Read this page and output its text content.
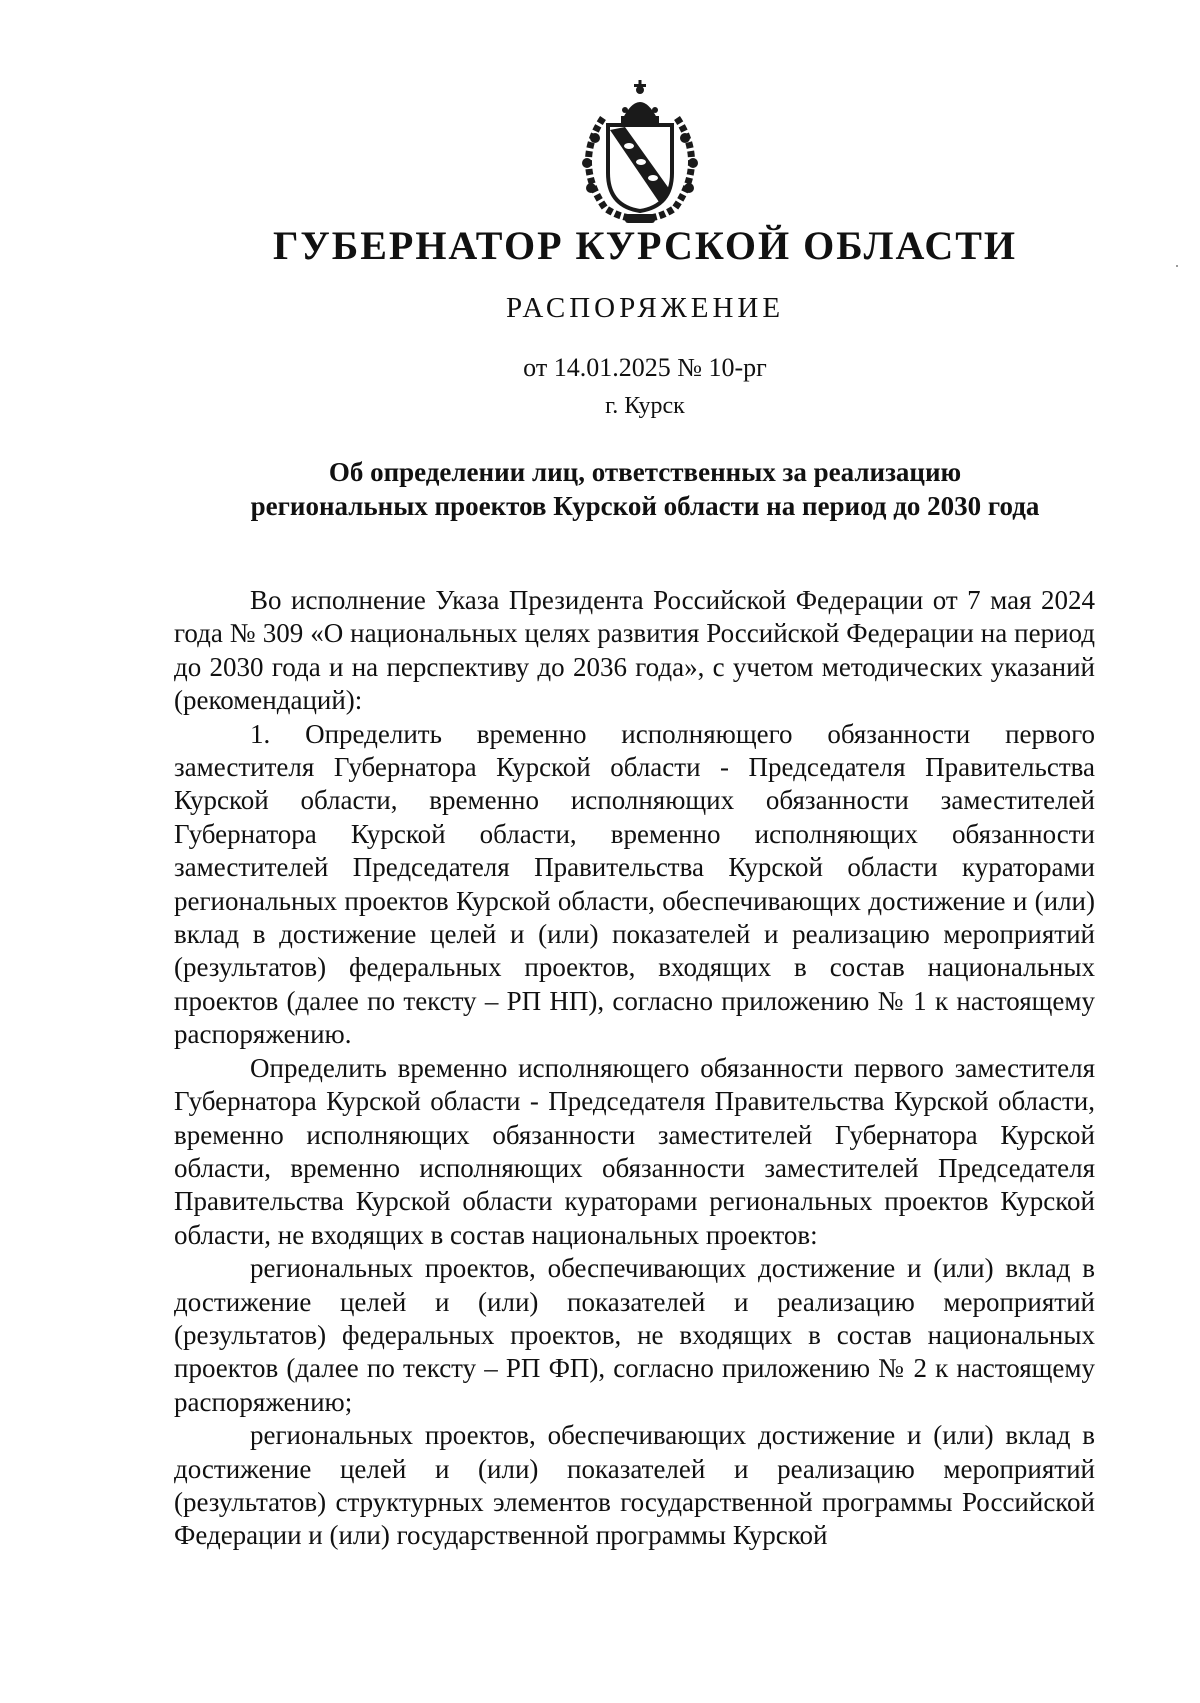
ГУБЕРНАТОР КУРСКОЙ ОБЛАСТИ
РАСПОРЯЖЕНИЕ
от 14.01.2025 № 10-рг
г. Курск
Об определении лиц, ответственных за реализацию
региональных проектов Курской области на период до 2030 года

Во исполнение Указа Президента Российской Федерации от 7 мая 2024 года № 309 «О национальных целях развития Российской Федерации на период до 2030 года и на перспективу до 2036 года», с учетом методических указаний (рекомендаций):

1. Определить временно исполняющего обязанности первого заместителя Губернатора Курской области - Председателя Правительства Курской области, временно исполняющих обязанности заместителей Губернатора Курской области, временно исполняющих обязанности заместителей Председателя Правительства Курской области кураторами региональных проектов Курской области, обеспечивающих достижение и (или) вклад в достижение целей и (или) показателей и реализацию мероприятий (результатов) федеральных проектов, входящих в состав национальных проектов (далее по тексту – РП НП), согласно приложению № 1 к настоящему распоряжению.

Определить временно исполняющего обязанности первого заместителя Губернатора Курской области - Председателя Правительства Курской области, временно исполняющих обязанности заместителей Губернатора Курской области, временно исполняющих обязанности заместителей Председателя Правительства Курской области кураторами региональных проектов Курской области, не входящих в состав национальных проектов:

региональных проектов, обеспечивающих достижение и (или) вклад в достижение целей и (или) показателей и реализацию мероприятий (результатов) федеральных проектов, не входящих в состав национальных проектов (далее по тексту – РП ФП), согласно приложению № 2 к настоящему распоряжению;

региональных проектов, обеспечивающих достижение и (или) вклад в достижение целей и (или) показателей и реализацию мероприятий (результатов) структурных элементов государственной программы Российской Федерации и (или) государственной программы Курской
